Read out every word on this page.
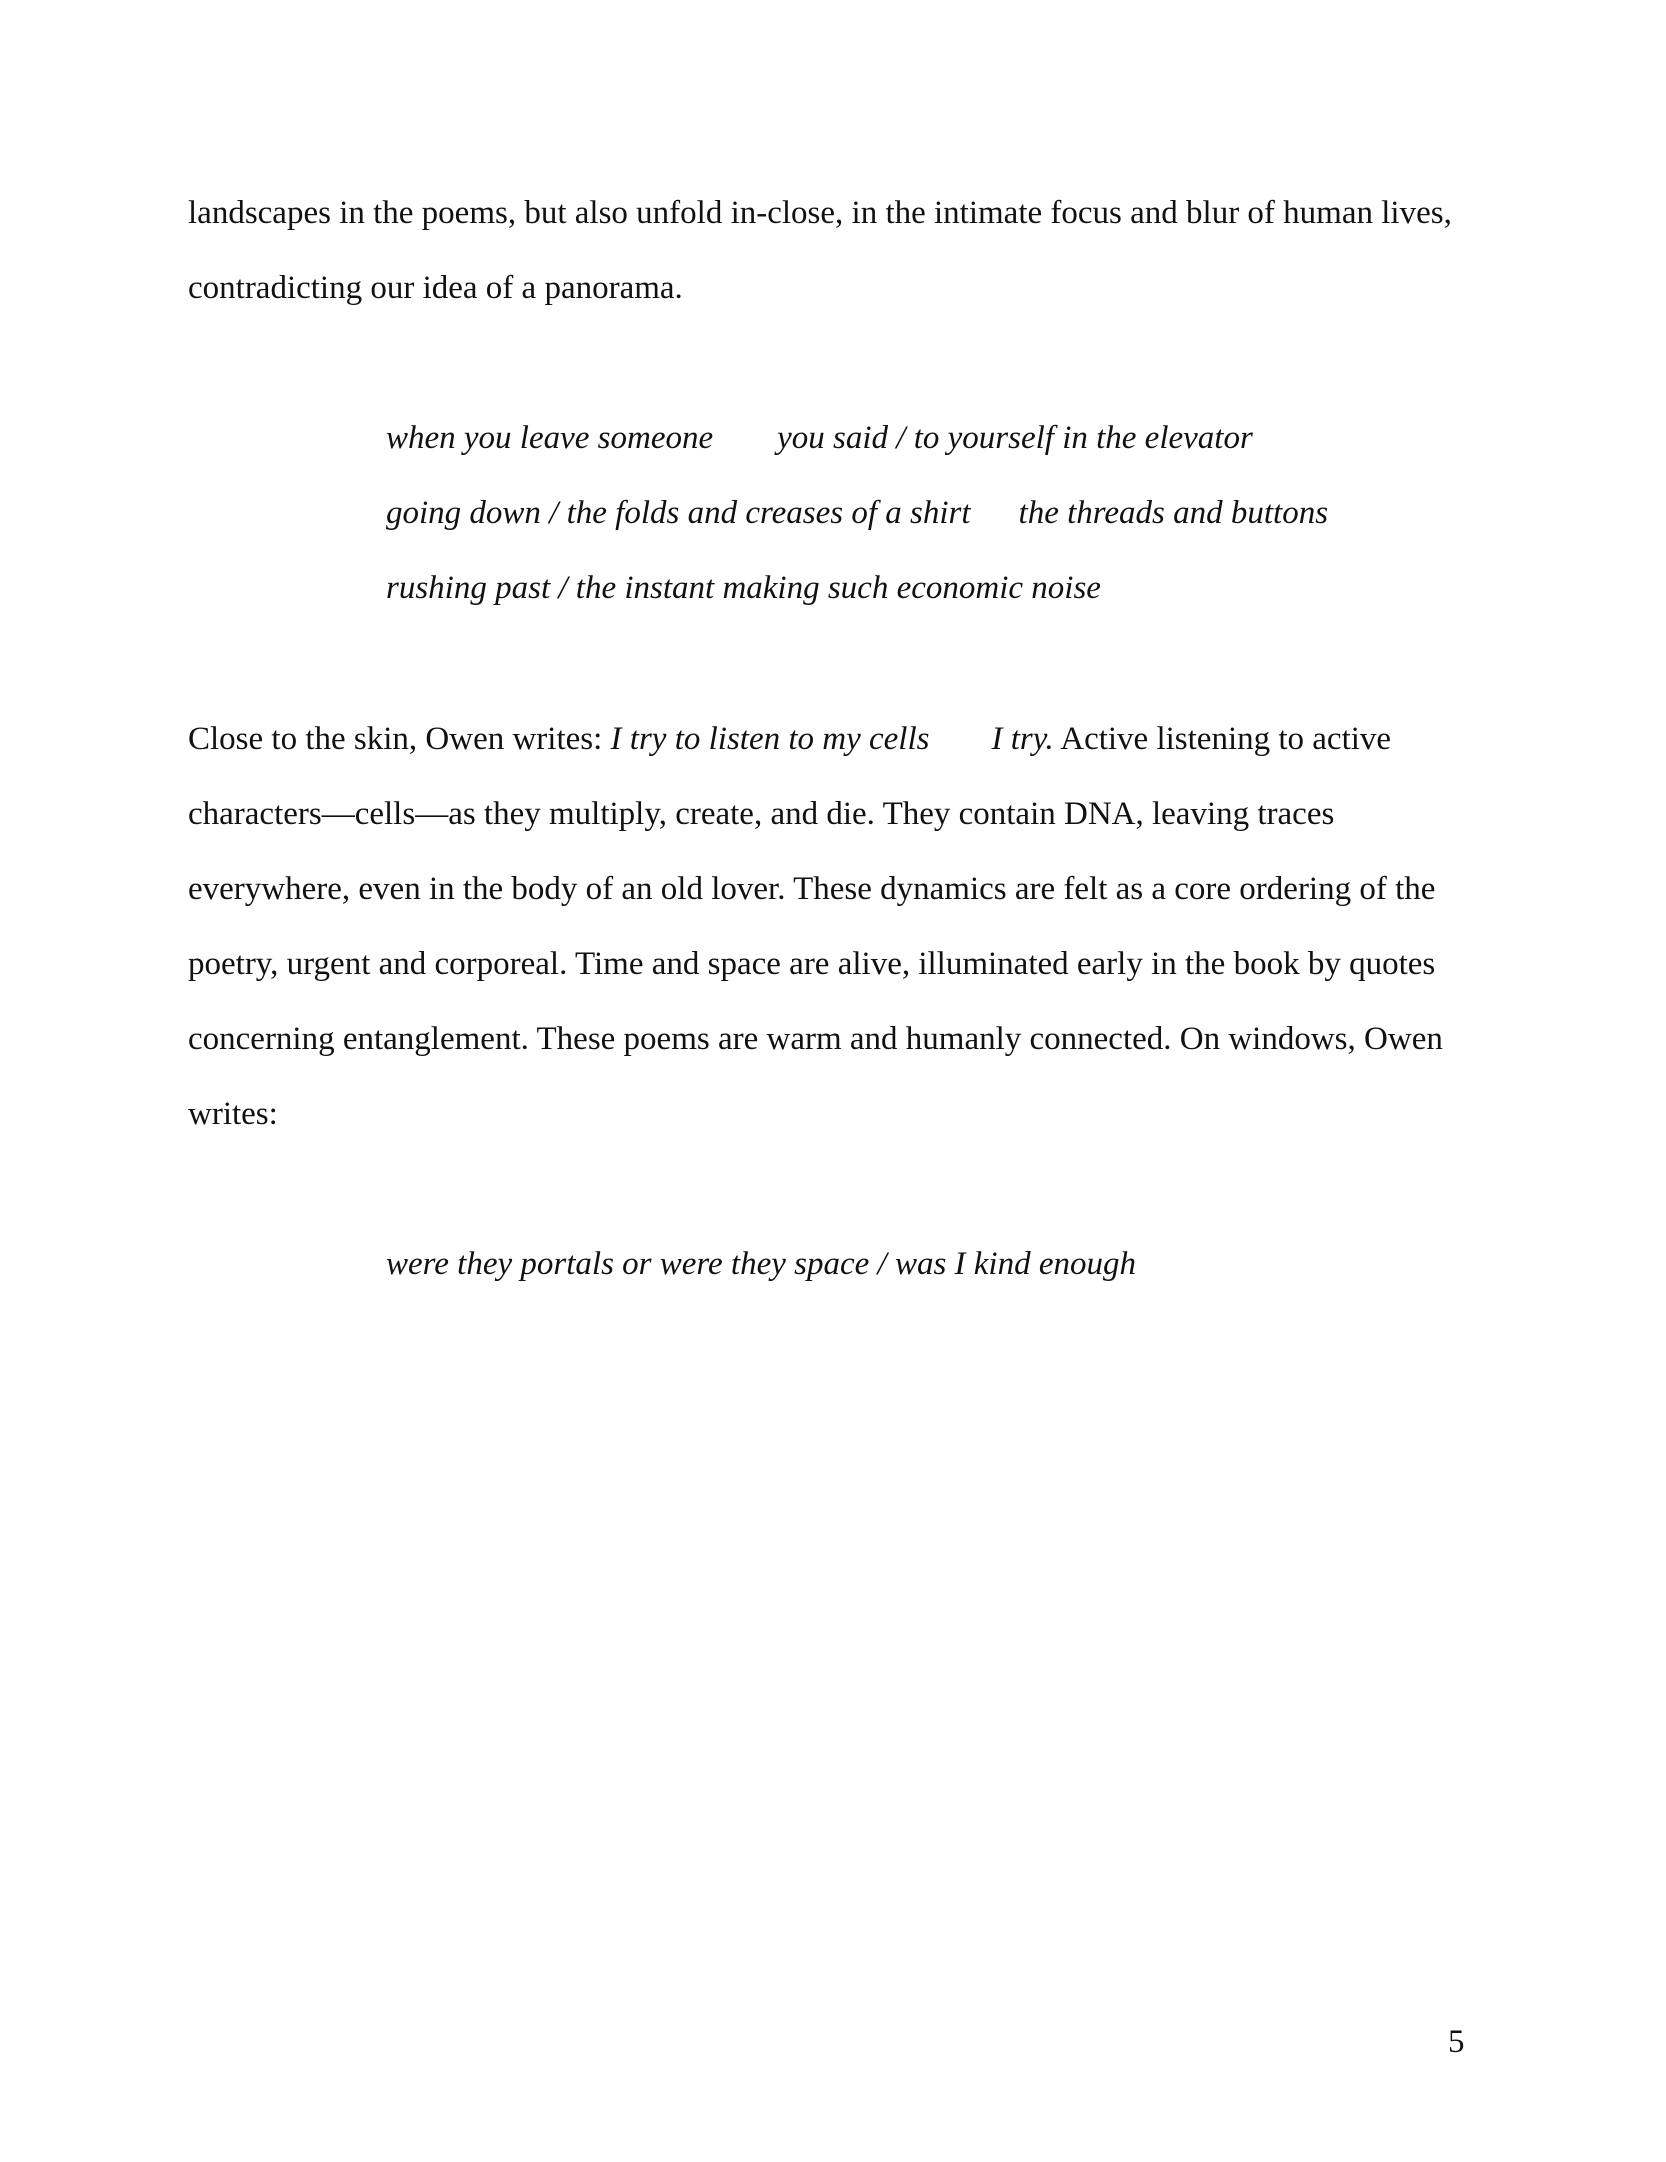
landscapes in the poems, but also unfold in-close, in the intimate focus and blur of human lives,
contradicting our idea of a panorama.
when you leave someone you said / to yourself in the elevator
going down / the folds and creases of a shirt the threads and buttons
rushing past / the instant making such economic noise
Close to the skin, Owen writes: I try to listen to my cells I try. Active listening to active
characters—cells—as they multiply, create, and die. They contain DNA, leaving traces
everywhere, even in the body of an old lover. These dynamics are felt as a core ordering of the
poetry, urgent and corporeal. Time and space are alive, illuminated early in the book by quotes
concerning entanglement. These poems are warm and humanly connected. On windows, Owen
writes:
were they portals or were they space / was I kind enough
5
